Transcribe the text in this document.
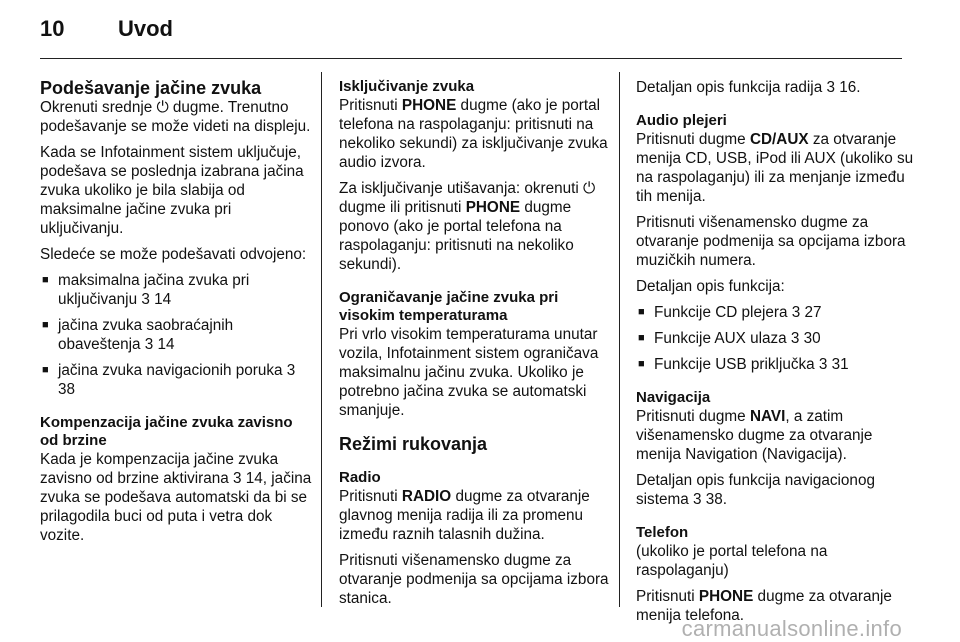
10 Uvod
Podešavanje jačine zvuka

Okrenuti srednje ⏻ dugme. Trenutno podešavanje se može videti na displeju.

Kada se Infotainment sistem uključuje, podešava se poslednja izabrana jačina zvuka ukoliko je bila slabija od maksimalne jačine zvuka pri uključivanju.

Sledeće se može podešavati odvojeno:

■ maksimalna jačina zvuka pri uključivanju 3 14
■ jačina zvuka saobraćajnih obaveštenja 3 14
■ jačina zvuka navigacionih poruka 3 38
Kompenzacija jačine zvuka zavisno od brzine

Kada je kompenzacija jačine zvuka zavisno od brzine aktivirana 3 14, jačina zvuka se podešava automatski da bi se prilagodila buci od puta i vetra dok vozite.

Isključivanje zvuka

Pritisnuti PHONE dugme (ako je portal telefona na raspolaganju: pritisnuti na nekoliko sekundi) za isključivanje zvuka audio izvora.

Za isključivanje utišavanja: okrenuti ⏻ dugme ili pritisnuti PHONE dugme ponovo (ako je portal telefona na raspolaganju: pritisnuti na nekoliko sekundi).

Ograničavanje jačine zvuka pri visokim temperaturama

Pri vrlo visokim temperaturama unutar vozila, Infotainment sistem ograničava maksimalnu jačinu zvuka. Ukoliko je potrebno jačina zvuka se automatski smanjuje.

Režimi rukovanja
Radio

Pritisnuti RADIO dugme za otvaranje glavnog menija radija ili za promenu između raznih talasnih dužina.

Pritisnuti višenamensko dugme za otvaranje podmenija sa opcijama izbora stanica.

Detaljan opis funkcija radija 3 16.

Audio plejeri

Pritisnuti dugme CD/AUX za otvaranje menija CD, USB, iPod ili AUX (ukoliko su na raspolaganju) ili za menjanje između tih menija.

Pritisnuti višenamensko dugme za otvaranje podmenija sa opcijama izbora muzičkih numera.

Detaljan opis funkcija:

■ Funkcije CD plejera 3 27
■ Funkcije AUX ulaza 3 30
■ Funkcije USB priključka 3 31
Navigacija

Pritisnuti dugme NAVI, a zatim višenamensko dugme za otvaranje menija Navigation (Navigacija).

Detaljan opis funkcija navigacionog sistema 3 38.

Telefon

(ukoliko je portal telefona na raspolaganju)

Pritisnuti PHONE dugme za otvaranje menija telefona.

carmanualsonline.info
